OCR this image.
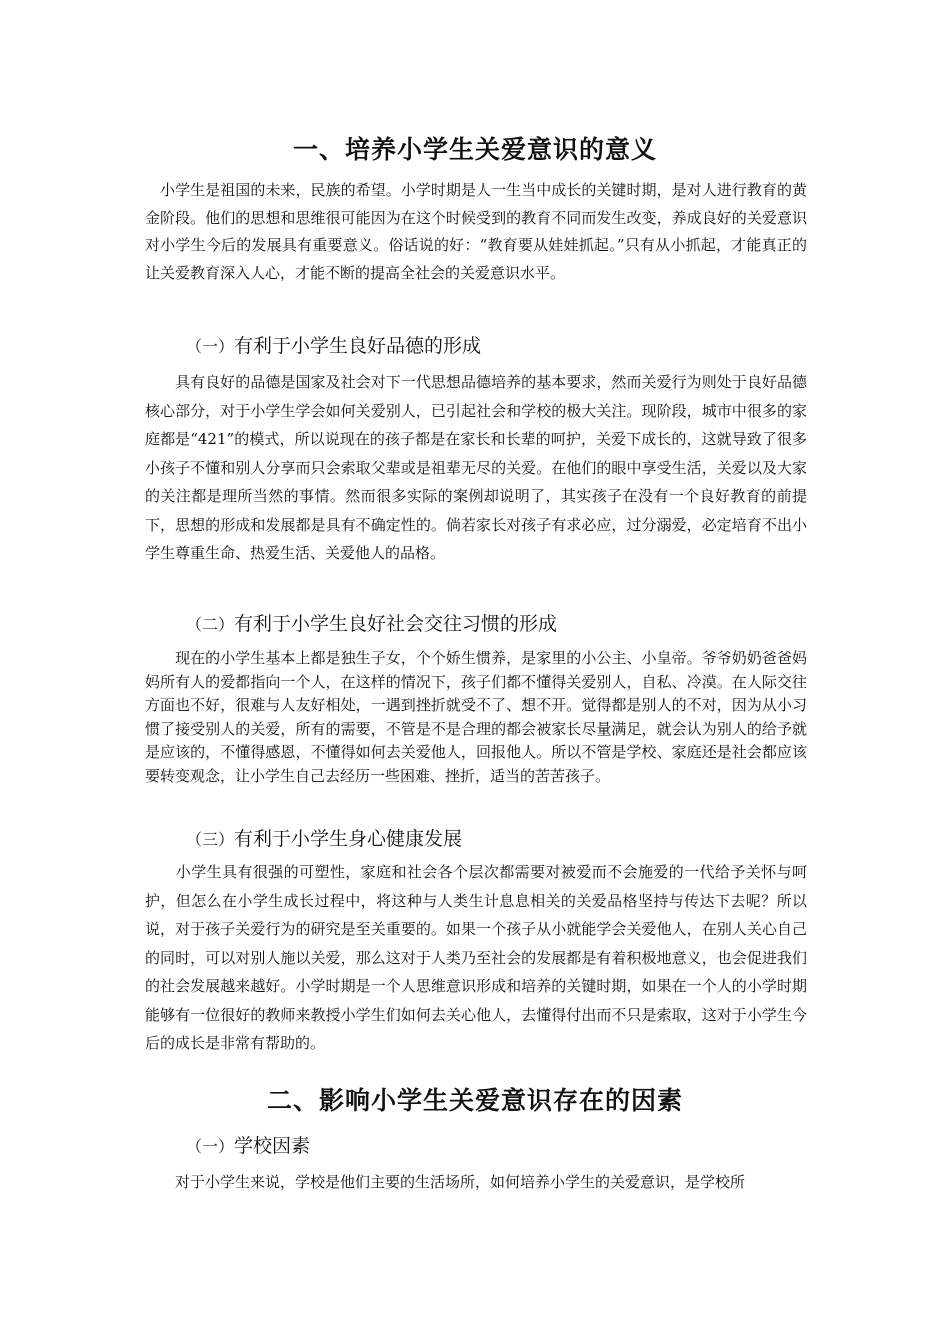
一、培养小学生关爱意识的意义

　小学生是祖国的未来，民族的希望。小学时期是人一生当中成长的关键时期，是对人进行教育的黄金阶段。他们的思想和思维很可能因为在这个时候受到的教育不同而发生改变，养成良好的关爱意识对小学生今后的发展具有重要意义。俗话说的好：“教育要从娃娃抓起。”只有从小抓起，才能真正的让关爱教育深入人心，才能不断的提高全社会的关爱意识水平。

（一）有利于小学生良好品德的形成

　　具有良好的品德是国家及社会对下一代思想品德培养的基本要求，然而关爱行为则处于良好品德核心部分，对于小学生学会如何关爱别人，已引起社会和学校的极大关注。现阶段，城市中很多的家庭都是“421”的模式，所以说现在的孩子都是在家长和长辈的呵护，关爱下成长的，这就导致了很多小孩子不懂和别人分享而只会索取父辈或是祖辈无尽的关爱。在他们的眼中享受生活，关爱以及大家的关注都是理所当然的事情。然而很多实际的案例却说明了，其实孩子在没有一个良好教育的前提下，思想的形成和发展都是具有不确定性的。倘若家长对孩子有求必应，过分溺爱，必定培育不出小学生尊重生命、热爱生活、关爱他人的品格。

（二）有利于小学生良好社会交往习惯的形成

　　现在的小学生基本上都是独生子女，个个娇生惯养，是家里的小公主、小皇帝。爷爷奶奶爸爸妈妈所有人的爱都指向一个人，在这样的情况下，孩子们都不懂得关爱别人，自私、冷漠。在人际交往方面也不好，很难与人友好相处，一遇到挫折就受不了、想不开。觉得都是别人的不对，因为从小习惯了接受别人的关爱，所有的需要，不管是不是合理的都会被家长尽量满足，就会认为别人的给予就是应该的，不懂得感恩，不懂得如何去关爱他人，回报他人。所以不管是学校、家庭还是社会都应该要转变观念，让小学生自己去经历一些困难、挫折，适当的苦苦孩子。

（三）有利于小学生身心健康发展

　　小学生具有很强的可塑性，家庭和社会各个层次都需要对被爱而不会施爱的一代给予关怀与呵护，但怎么在小学生成长过程中，将这种与人类生计息息相关的关爱品格坚持与传达下去呢？所以说，对于孩子关爱行为的研究是至关重要的。如果一个孩子从小就能学会关爱他人，在别人关心自己的同时，可以对别人施以关爱，那么这对于人类乃至社会的发展都是有着积极地意义，也会促进我们的社会发展越来越好。小学时期是一个人思维意识形成和培养的关键时期，如果在一个人的小学时期能够有一位很好的教师来教授小学生们如何去关心他人，去懂得付出而不只是索取，这对于小学生今后的成长是非常有帮助的。

二、影响小学生关爱意识存在的因素
（一）学校因素

　　对于小学生来说，学校是他们主要的生活场所，如何培养小学生的关爱意识，是学校所
